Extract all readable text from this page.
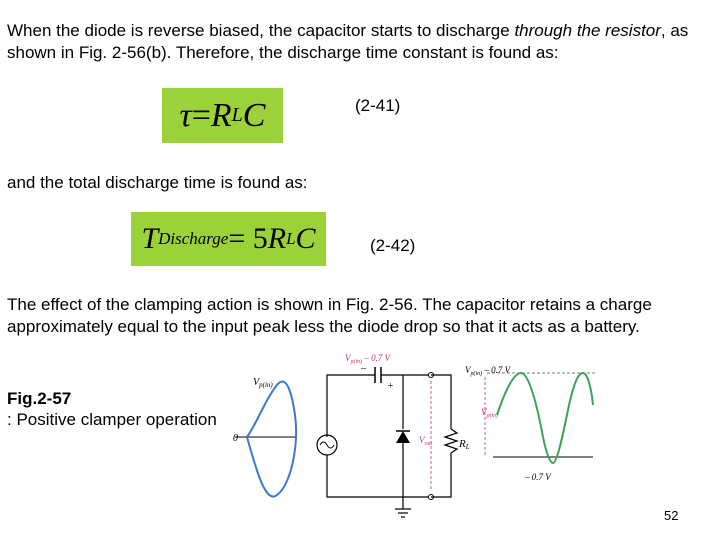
When the diode is reverse biased, the capacitor starts to discharge through the resistor, as shown in Fig. 2-56(b). Therefore, the discharge time constant is found as:

τ = R L C	(2-41)

and the total discharge time is found as:

T Discharge = 5 R L C	(2-42)

The effect of the clamping action is shown in Fig. 2-56. The capacitor retains a charge approximately equal to the input peak less the diode drop so that it acts as a battery.

Fig.2-57
: Positive clamper operation
$V_{p(in)}$
0
–
+
$V_{p(in)} - 0.7$ V
$V_{out}$ RL
$V_{p(in)} - 0.7$ V
$V_{p(in)}$
– 0.7 V
52
